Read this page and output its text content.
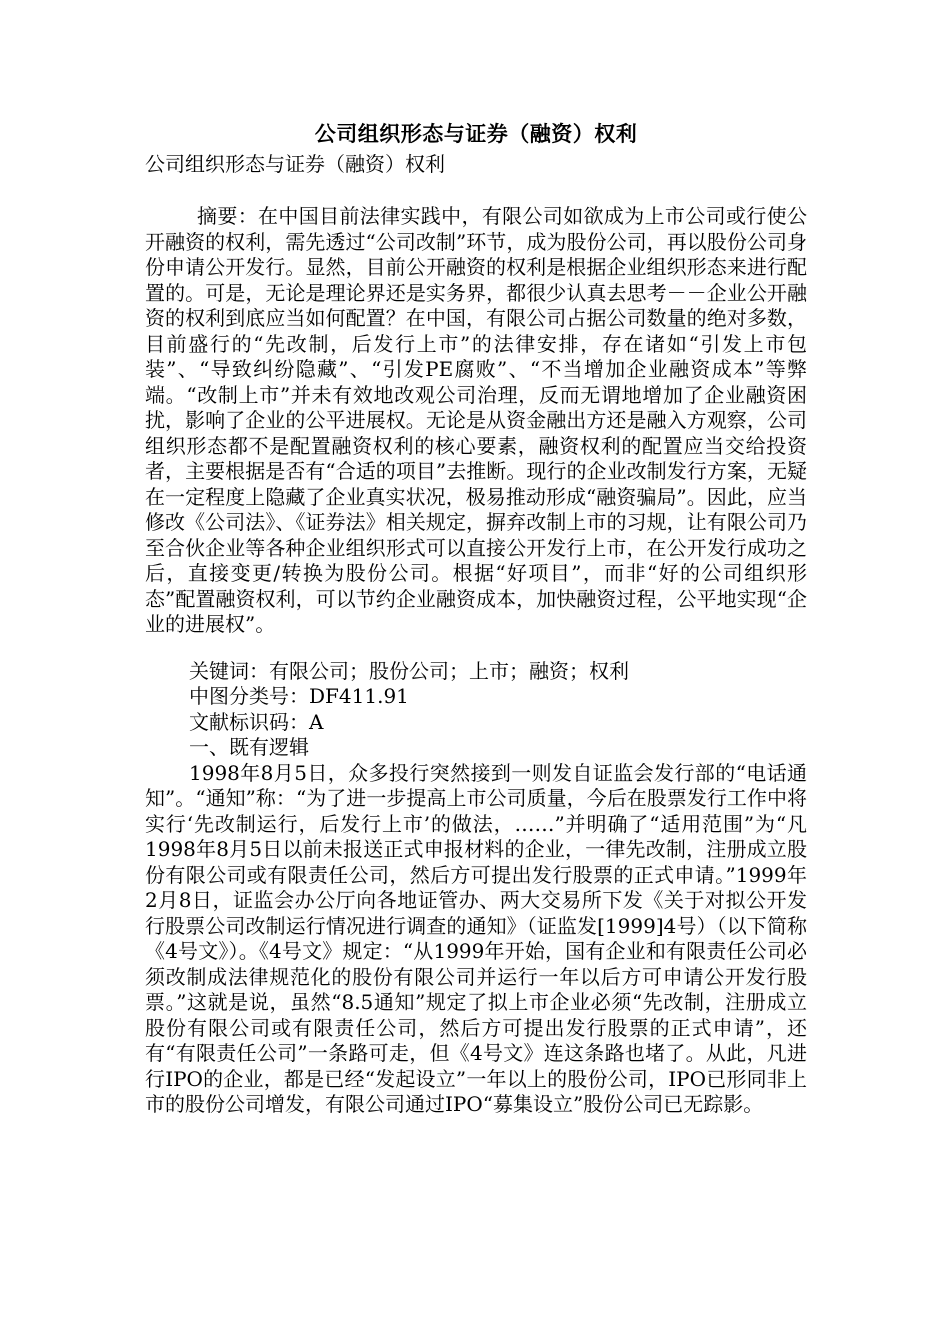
公司组织形态与证券（融资）权利

公司组织形态与证券（融资）权利

摘要：在中国目前法律实践中，有限公司如欲成为上市公司或行使公开融资的权利，需先透过“公司改制”环节，成为股份公司，再以股份公司身份申请公开发行。显然，目前公开融资的权利是根据企业组织形态来进行配置的。可是，无论是理论界还是实务界，都很少认真去思考－－企业公开融资的权利到底应当如何配置？在中国，有限公司占据公司数量的绝对多数，目前盛行的“先改制，后发行上市”的法律安排，存在诸如“引发上市包装”、“导致纠纷隐藏”、“引发PE腐败”、“不当增加企业融资成本”等弊端。“改制上市”并未有效地改观公司治理，反而无谓地增加了企业融资困扰，影响了企业的公平进展权。无论是从资金融出方还是融入方观察，公司组织形态都不是配置融资权利的核心要素，融资权利的配置应当交给投资者，主要根据是否有“合适的项目”去推断。现行的企业改制发行方案，无疑在一定程度上隐藏了企业真实状况，极易推动形成“融资骗局”。因此，应当修改《公司法》、《证券法》相关规定，摒弃改制上市的习规，让有限公司乃至合伙企业等各种企业组织形式可以直接公开发行上市，在公开发行成功之后，直接变更/转换为股份公司。根据“好项目”，而非“好的公司组织形态”配置融资权利，可以节约企业融资成本，加快融资过程，公平地实现“企业的进展权”。

关键词：有限公司；股份公司；上市；融资；权利

中图分类号：DF411.91

文献标识码：A

一、既有逻辑

1998年8月5日，众多投行突然接到一则发自证监会发行部的“电话通知”。“通知”称：“为了进一步提高上市公司质量，今后在股票发行工作中将实行‘先改制运行，后发行上市’的做法，……”并明确了“适用范围”为“凡1998年8月5日以前未报送正式申报材料的企业，一律先改制，注册成立股份有限公司或有限责任公司，然后方可提出发行股票的正式申请。”1999年2月8日，证监会办公厅向各地证管办、两大交易所下发《关于对拟公开发行股票公司改制运行情况进行调查的通知》（证监发[1999]4号）（以下简称《4号文》）。《4号文》规定：“从1999年开始，国有企业和有限责任公司必须改制成法律规范化的股份有限公司并运行一年以后方可申请公开发行股票。”这就是说，虽然“8.5通知”规定了拟上市企业必须“先改制，注册成立股份有限公司或有限责任公司，然后方可提出发行股票的正式申请”，还有“有限责任公司”一条路可走，但《4号文》连这条路也堵了。从此，凡进行IPO的企业，都是已经“发起设立”一年以上的股份公司，IPO已形同非上市的股份公司增发，有限公司通过IPO“募集设立”股份公司已无踪影。
